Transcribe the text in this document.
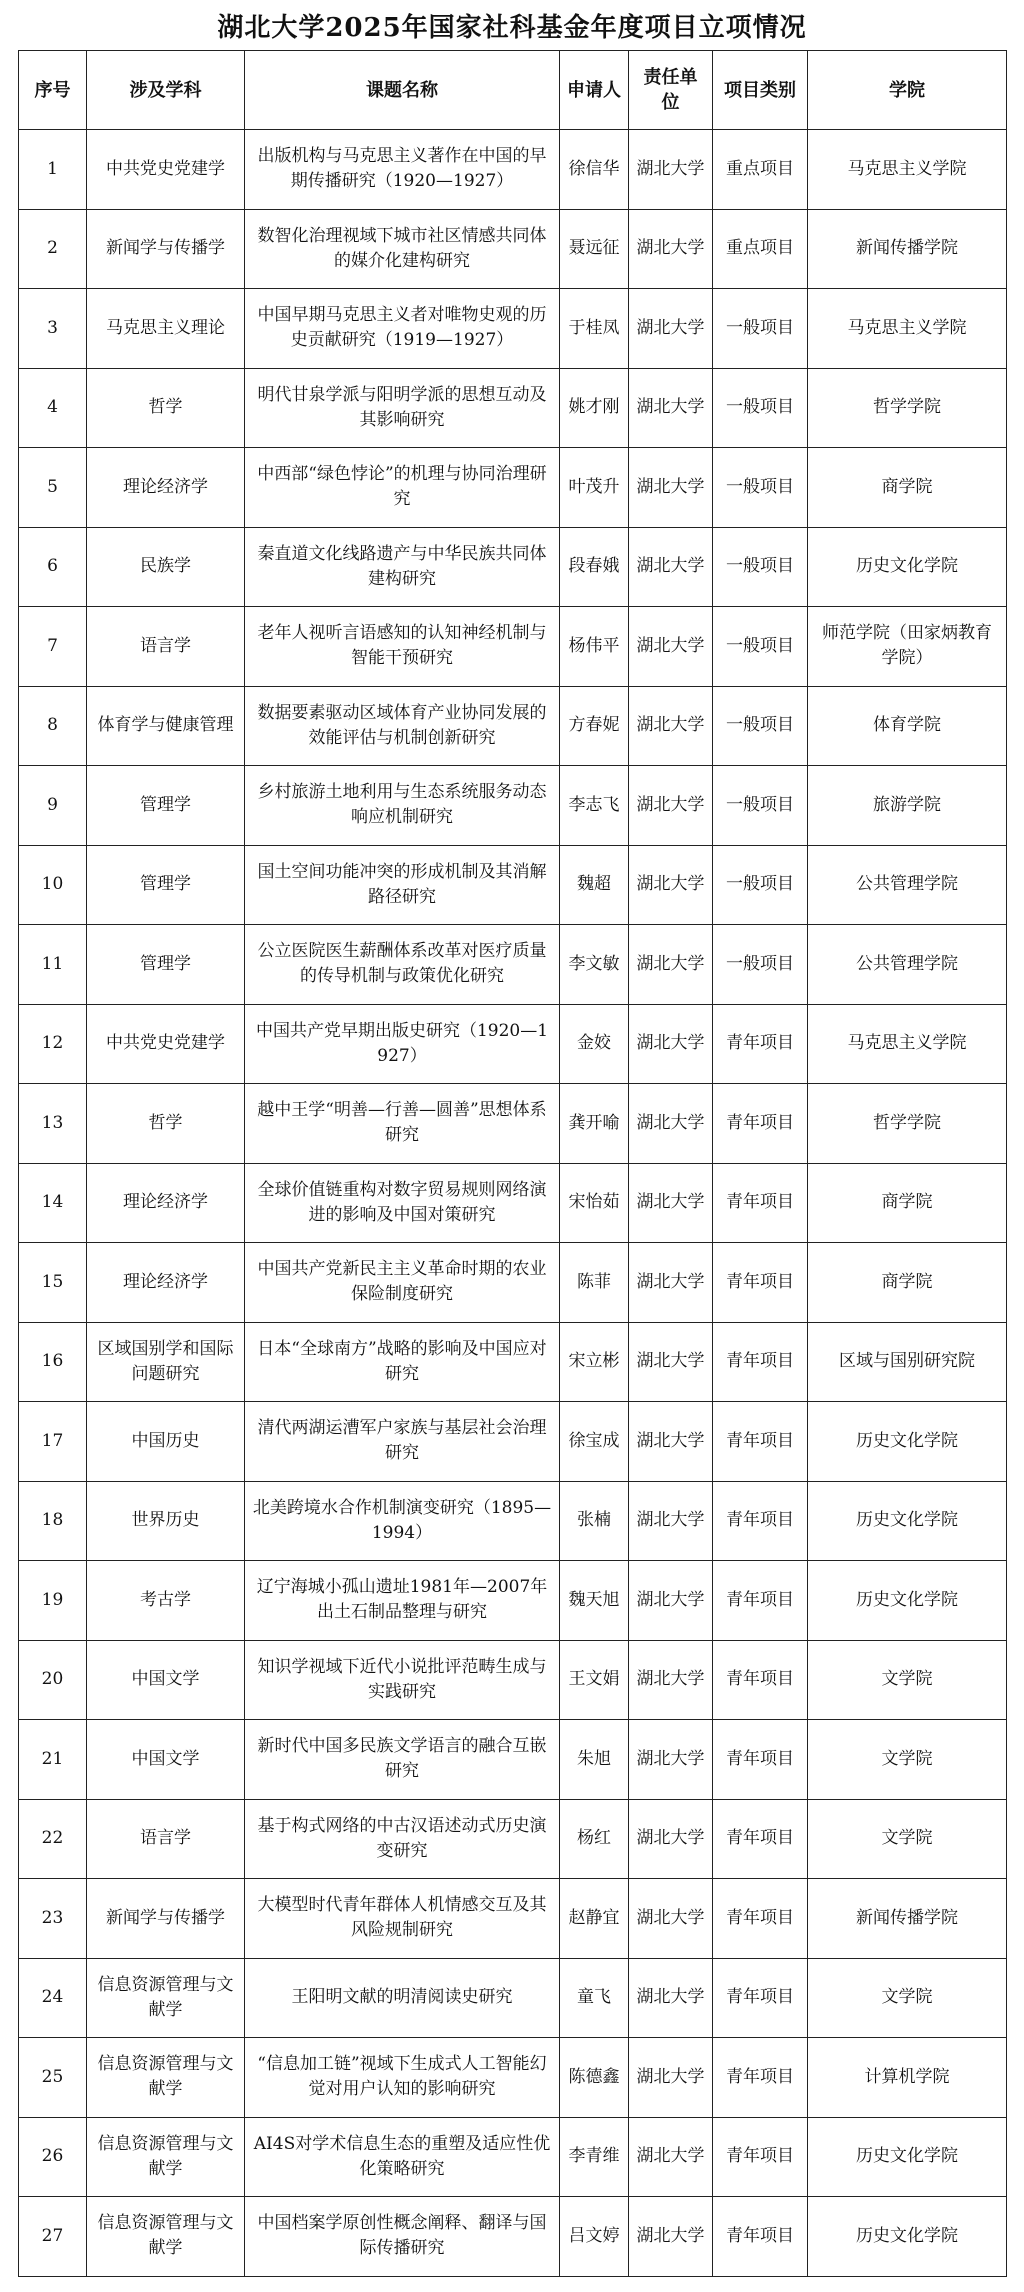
湖北大学2025年国家社科基金年度项目立项情况
序号	涉及学科	课题名称	申请人	责任单位	项目类别	学院
1	中共党史党建学	出版机构与马克思主义著作在中国的早期传播研究（1920—1927）	徐信华	湖北大学	重点项目	马克思主义学院
2	新闻学与传播学	数智化治理视域下城市社区情感共同体的媒介化建构研究	聂远征	湖北大学	重点项目	新闻传播学院
3	马克思主义理论	中国早期马克思主义者对唯物史观的历史贡献研究（1919—1927）	于桂凤	湖北大学	一般项目	马克思主义学院
4	哲学	明代甘泉学派与阳明学派的思想互动及其影响研究	姚才刚	湖北大学	一般项目	哲学学院
5	理论经济学	中西部“绿色悖论”的机理与协同治理研究	叶茂升	湖北大学	一般项目	商学院
6	民族学	秦直道文化线路遗产与中华民族共同体建构研究	段春娥	湖北大学	一般项目	历史文化学院
7	语言学	老年人视听言语感知的认知神经机制与智能干预研究	杨伟平	湖北大学	一般项目	师范学院（田家炳教育学院）
8	体育学与健康管理	数据要素驱动区域体育产业协同发展的效能评估与机制创新研究	方春妮	湖北大学	一般项目	体育学院
9	管理学	乡村旅游土地利用与生态系统服务动态响应机制研究	李志飞	湖北大学	一般项目	旅游学院
10	管理学	国土空间功能冲突的形成机制及其消解路径研究	魏超	湖北大学	一般项目	公共管理学院
11	管理学	公立医院医生薪酬体系改革对医疗质量的传导机制与政策优化研究	李文敏	湖北大学	一般项目	公共管理学院
12	中共党史党建学	中国共产党早期出版史研究（1920—1927）	金姣	湖北大学	青年项目	马克思主义学院
13	哲学	越中王学“明善—行善—圆善”思想体系研究	龚开喻	湖北大学	青年项目	哲学学院
14	理论经济学	全球价值链重构对数字贸易规则网络演进的影响及中国对策研究	宋怡茹	湖北大学	青年项目	商学院
15	理论经济学	中国共产党新民主主义革命时期的农业保险制度研究	陈菲	湖北大学	青年项目	商学院
16	区域国别学和国际问题研究	日本“全球南方”战略的影响及中国应对研究	宋立彬	湖北大学	青年项目	区域与国别研究院
17	中国历史	清代两湖运漕军户家族与基层社会治理研究	徐宝成	湖北大学	青年项目	历史文化学院
18	世界历史	北美跨境水合作机制演变研究（1895—1994）	张楠	湖北大学	青年项目	历史文化学院
19	考古学	辽宁海城小孤山遗址1981年—2007年出土石制品整理与研究	魏天旭	湖北大学	青年项目	历史文化学院
20	中国文学	知识学视域下近代小说批评范畴生成与实践研究	王文娟	湖北大学	青年项目	文学院
21	中国文学	新时代中国多民族文学语言的融合互嵌研究	朱旭	湖北大学	青年项目	文学院
22	语言学	基于构式网络的中古汉语述动式历史演变研究	杨红	湖北大学	青年项目	文学院
23	新闻学与传播学	大模型时代青年群体人机情感交互及其风险规制研究	赵静宜	湖北大学	青年项目	新闻传播学院
24	信息资源管理与文献学	王阳明文献的明清阅读史研究	童飞	湖北大学	青年项目	文学院
25	信息资源管理与文献学	“信息加工链”视域下生成式人工智能幻觉对用户认知的影响研究	陈德鑫	湖北大学	青年项目	计算机学院
26	信息资源管理与文献学	AI4S对学术信息生态的重塑及适应性优化策略研究	李青维	湖北大学	青年项目	历史文化学院
27	信息资源管理与文献学	中国档案学原创性概念阐释、翻译与国际传播研究	吕文婷	湖北大学	青年项目	历史文化学院
